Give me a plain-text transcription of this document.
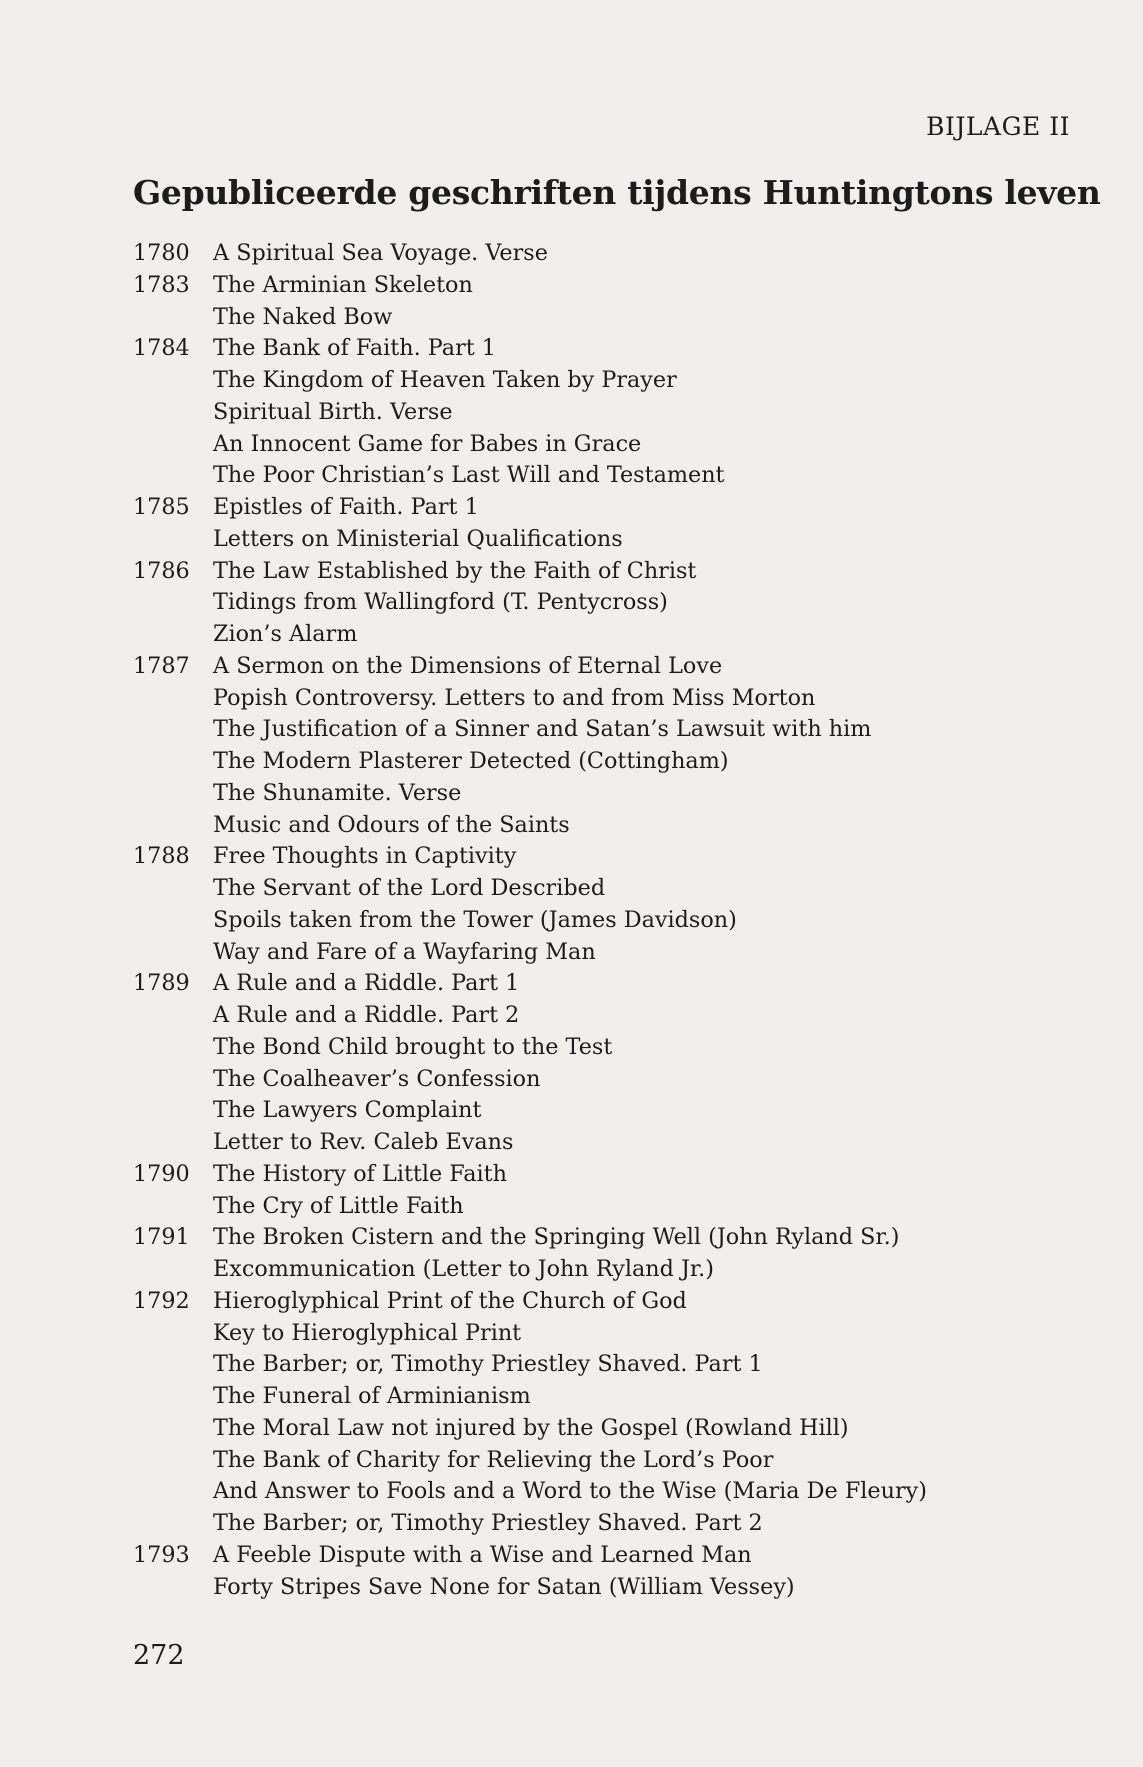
BIJLAGE II
Gepubliceerde geschriften tijdens Huntingtons leven
1780	A Spiritual Sea Voyage. Verse
1783	The Arminian Skeleton
The Naked Bow
1784	The Bank of Faith. Part 1
The Kingdom of Heaven Taken by Prayer
Spiritual Birth. Verse
An Innocent Game for Babes in Grace
The Poor Christian’s Last Will and Testament
1785	Epistles of Faith. Part 1
Letters on Ministerial Qualifications
1786	The Law Established by the Faith of Christ
Tidings from Wallingford (T. Pentycross)
Zion’s Alarm
1787	A Sermon on the Dimensions of Eternal Love
Popish Controversy. Letters to and from Miss Morton
The Justification of a Sinner and Satan’s Lawsuit with him
The Modern Plasterer Detected (Cottingham)
The Shunamite. Verse
Music and Odours of the Saints
1788	Free Thoughts in Captivity
The Servant of the Lord Described
Spoils taken from the Tower (James Davidson)
Way and Fare of a Wayfaring Man
1789	A Rule and a Riddle. Part 1
A Rule and a Riddle. Part 2
The Bond Child brought to the Test
The Coalheaver’s Confession
The Lawyers Complaint
Letter to Rev. Caleb Evans
1790	The History of Little Faith
The Cry of Little Faith
1791	The Broken Cistern and the Springing Well (John Ryland Sr.)
Excommunication (Letter to John Ryland Jr.)
1792	Hieroglyphical Print of the Church of God
Key to Hieroglyphical Print
The Barber; or, Timothy Priestley Shaved. Part 1
The Funeral of Arminianism
The Moral Law not injured by the Gospel (Rowland Hill)
The Bank of Charity for Relieving the Lord’s Poor
And Answer to Fools and a Word to the Wise (Maria De Fleury)
The Barber; or, Timothy Priestley Shaved. Part 2
1793	A Feeble Dispute with a Wise and Learned Man
Forty Stripes Save None for Satan (William Vessey)
272
